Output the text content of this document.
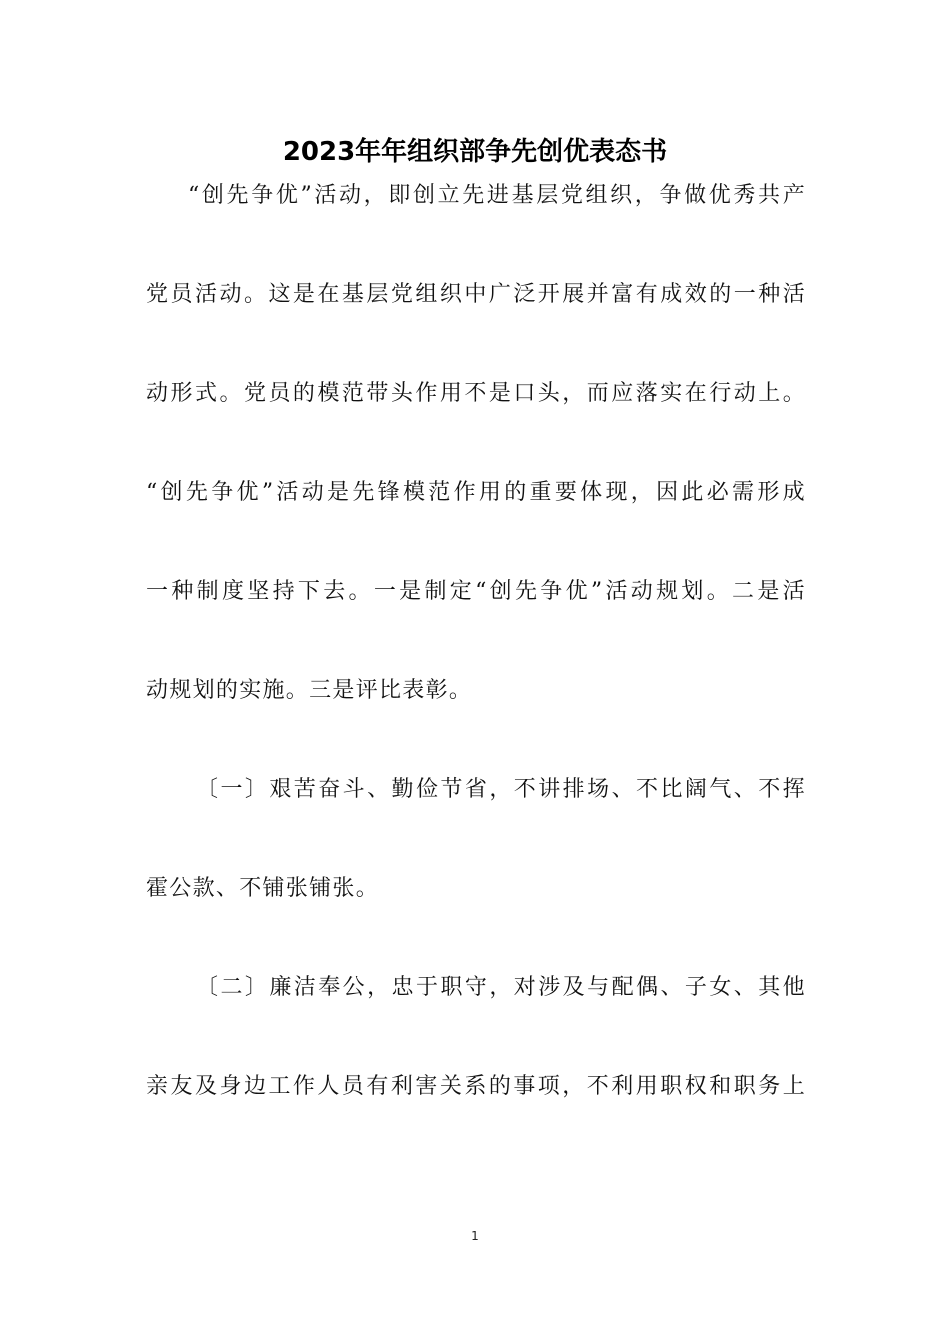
2023年年组织部争先创优表态书
“创先争优”活动，即创立先进基层党组织，争做优秀共产
党员活动。这是在基层党组织中广泛开展并富有成效的一种活
动形式。党员的模范带头作用不是口头，而应落实在行动上。
“创先争优”活动是先锋模范作用的重要体现，因此必需形成
一种制度坚持下去。一是制定“创先争优”活动规划。二是活
动规划的实施。三是评比表彰。
〔一〕艰苦奋斗、勤俭节省，不讲排场、不比阔气、不挥
霍公款、不铺张铺张。
〔二〕廉洁奉公，忠于职守，对涉及与配偶、子女、其他
亲友及身边工作人员有利害关系的事项，不利用职权和职务上
1
